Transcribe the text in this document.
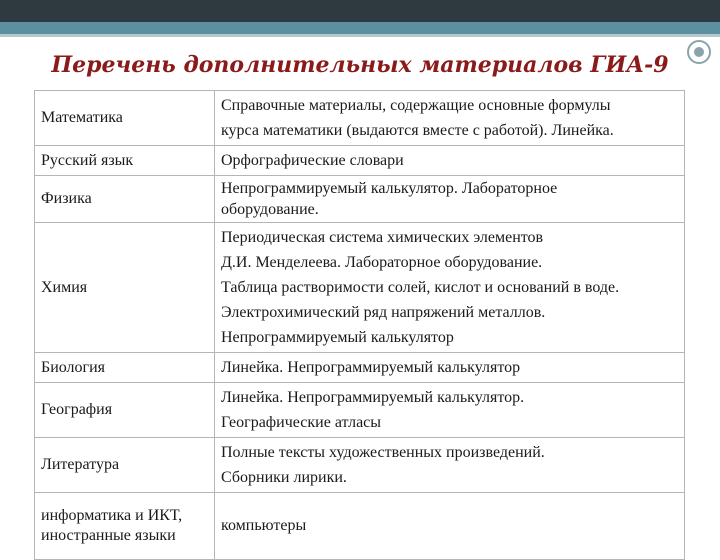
Перечень дополнительных материалов ГИА-9
Математика	Справочные материалы, содержащие основные формулы
курса математики (выдаются вместе с работой). Линейка.

Русский язык	Орфографические словари

Физика	Непрограммируемый калькулятор. Лабораторное
оборудование.

Химия	Периодическая система химических элементов
Д.И. Менделеева. Лабораторное оборудование.
Таблица растворимости солей, кислот и оснований в воде.
Электрохимический ряд напряжений металлов.
Непрограммируемый калькулятор

Биология	Линейка. Непрограммируемый калькулятор

География	Линейка. Непрограммируемый калькулятор.
Географические атласы

Литература	Полные тексты художественных произведений.
Сборники лирики.

информатика и ИКТ,
иностранные языки	компьютеры
